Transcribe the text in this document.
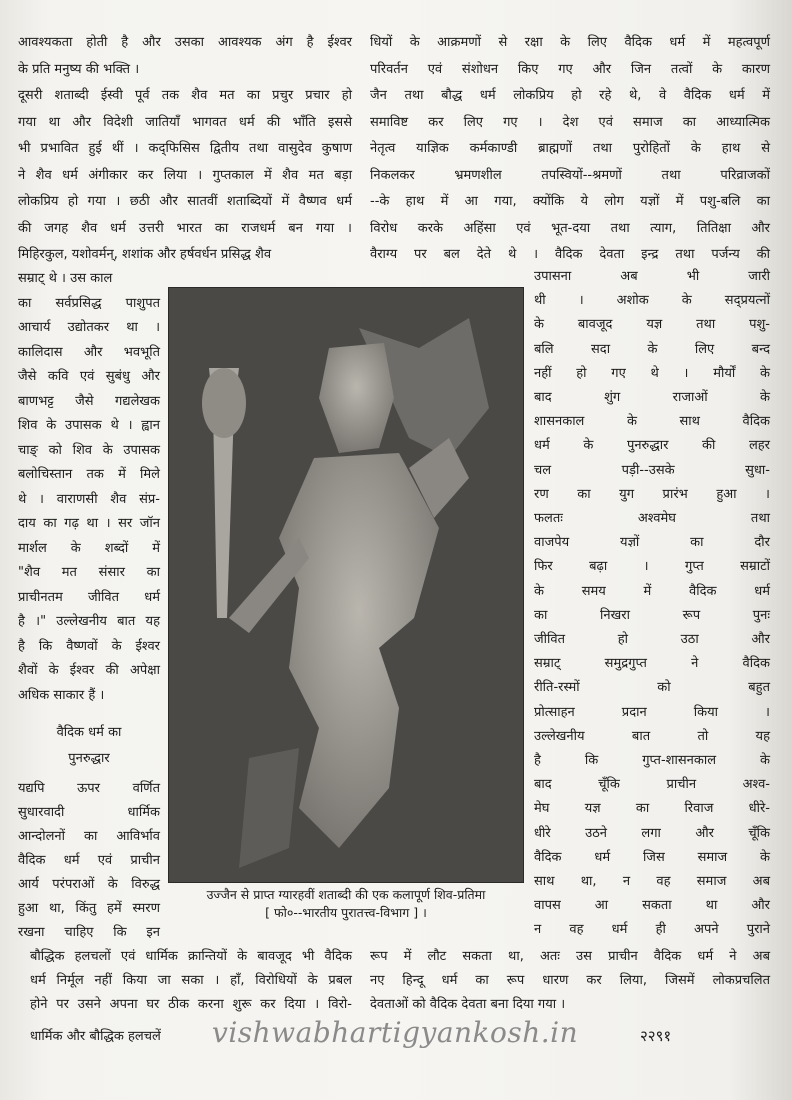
आवश्यकता होती है और उसका आवश्यक अंग है ईश्वर
के प्रति मनुष्य की भक्ति ।
दूसरी शताब्दी ईस्वी पूर्व तक शैव मत का प्रचुर प्रचार हो
गया था और विदेशी जातियाँ भागवत धर्म की भाँति इससे
भी प्रभावित हुई थीं । कद्फिसिस द्वितीय तथा वासुदेव कुषाण
ने शैव धर्म अंगीकार कर लिया । गुप्तकाल में शैव मत बड़ा
लोकप्रिय हो गया । छठी और सातवीं शताब्दियों में वैष्णव धर्म
की जगह शैव धर्म उत्तरी भारत का राजधर्म बन गया ।
मिहिरकुल, यशोवर्मन्, शशांक और हर्षवर्धन प्रसिद्ध शैव
धियों के आक्रमणों से रक्षा के लिए वैदिक धर्म में महत्वपूर्ण
परिवर्तन एवं संशोधन किए गए और जिन तत्वों के कारण
जैन तथा बौद्ध धर्म लोकप्रिय हो रहे थे, वे वैदिक धर्म में
समाविष्ट कर लिए गए । देश एवं समाज का आध्यात्मिक
नेतृत्व याज्ञिक कर्मकाण्डी ब्राह्मणों तथा पुरोहितों के हाथ से
निकलकर भ्रमणशील तपस्वियों--श्रमणों तथा परिव्राजकों
--के हाथ में आ गया, क्योंकि ये लोग यज्ञों में पशु-बलि का
विरोध करके अहिंसा एवं भूत-दया तथा त्याग, तितिक्षा और
वैराग्य पर बल देते थे । वैदिक देवता इन्द्र तथा पर्जन्य की
सम्राट् थे । उस काल
का सर्वप्रसिद्ध पाशुपत
आचार्य उद्योतकर था ।
कालिदास और भवभूति
जैसे कवि एवं सुबंधु और
बाणभट्ट जैसे गद्यलेखक
शिव के उपासक थे । ह्वान
चाङ् को शिव के उपासक
बलोचिस्तान तक में मिले
थे । वाराणसी शैव संप्र-
दाय का गढ़ था । सर जॉन
मार्शल के शब्दों में
"शैव मत संसार का
प्राचीनतम जीवित धर्म
है ।" उल्लेखनीय बात यह
है कि वैष्णवों के ईश्वर
शैवों के ईश्वर की अपेक्षा
अधिक साकार हैं ।
वैदिक धर्म का
पुनरुद्धार
यद्यपि ऊपर वर्णित
सुधारवादी धार्मिक
आन्दोलनों का आविर्भाव
वैदिक धर्म एवं प्राचीन
आर्य परंपराओं के विरुद्ध
हुआ था, किंतु हमें स्मरण
रखना चाहिए कि इन
उपासना अब भी जारी
थी । अशोक के सद्प्रयत्नों
के बावजूद यज्ञ तथा पशु-
बलि सदा के लिए बन्द
नहीं हो गए थे । मौर्यों के
बाद शुंग राजाओं के
शासनकाल के साथ वैदिक
धर्म के पुनरुद्धार की लहर
चल पड़ी--उसके सुधा-
रण का युग प्रारंभ हुआ ।
फलतः अश्वमेघ तथा
वाजपेय यज्ञों का दौर
फिर बढ़ा । गुप्त सम्राटों
के समय में वैदिक धर्म
का निखरा रूप पुनः
जीवित हो उठा और
सम्राट् समुद्रगुप्त ने वैदिक
रीति-रस्मों को बहुत
प्रोत्साहन प्रदान किया ।
उल्लेखनीय बात तो यह
है कि गुप्त-शासनकाल के
बाद चूँकि प्राचीन अश्व-
मेघ यज्ञ का रिवाज धीरे-
धीरे उठने लगा और चूँकि
वैदिक धर्म जिस समाज के
साथ था, न वह समाज अब
वापस आ सकता था और
न वह धर्म ही अपने पुराने
बौद्धिक हलचलों एवं धार्मिक क्रान्तियों के बावजूद भी वैदिक
धर्म निर्मूल नहीं किया जा सका । हाँ, विरोधियों के प्रबल
होने पर उसने अपना घर ठीक करना शुरू कर दिया । विरो-
रूप में लौट सकता था, अतः उस प्राचीन वैदिक धर्म ने अब
नए हिन्दू धर्म का रूप धारण कर लिया, जिसमें लोकप्रचलित
देवताओं को वैदिक देवता बना दिया गया ।
उज्जैन से प्राप्त ग्यारहवीं शताब्दी की एक कलापूर्ण शिव-प्रतिमा
[ फो०--भारतीय पुरातत्त्व-विभाग ] ।
धार्मिक और बौद्धिक हलचलें vishwabhartigyankosh.in	२२९१
